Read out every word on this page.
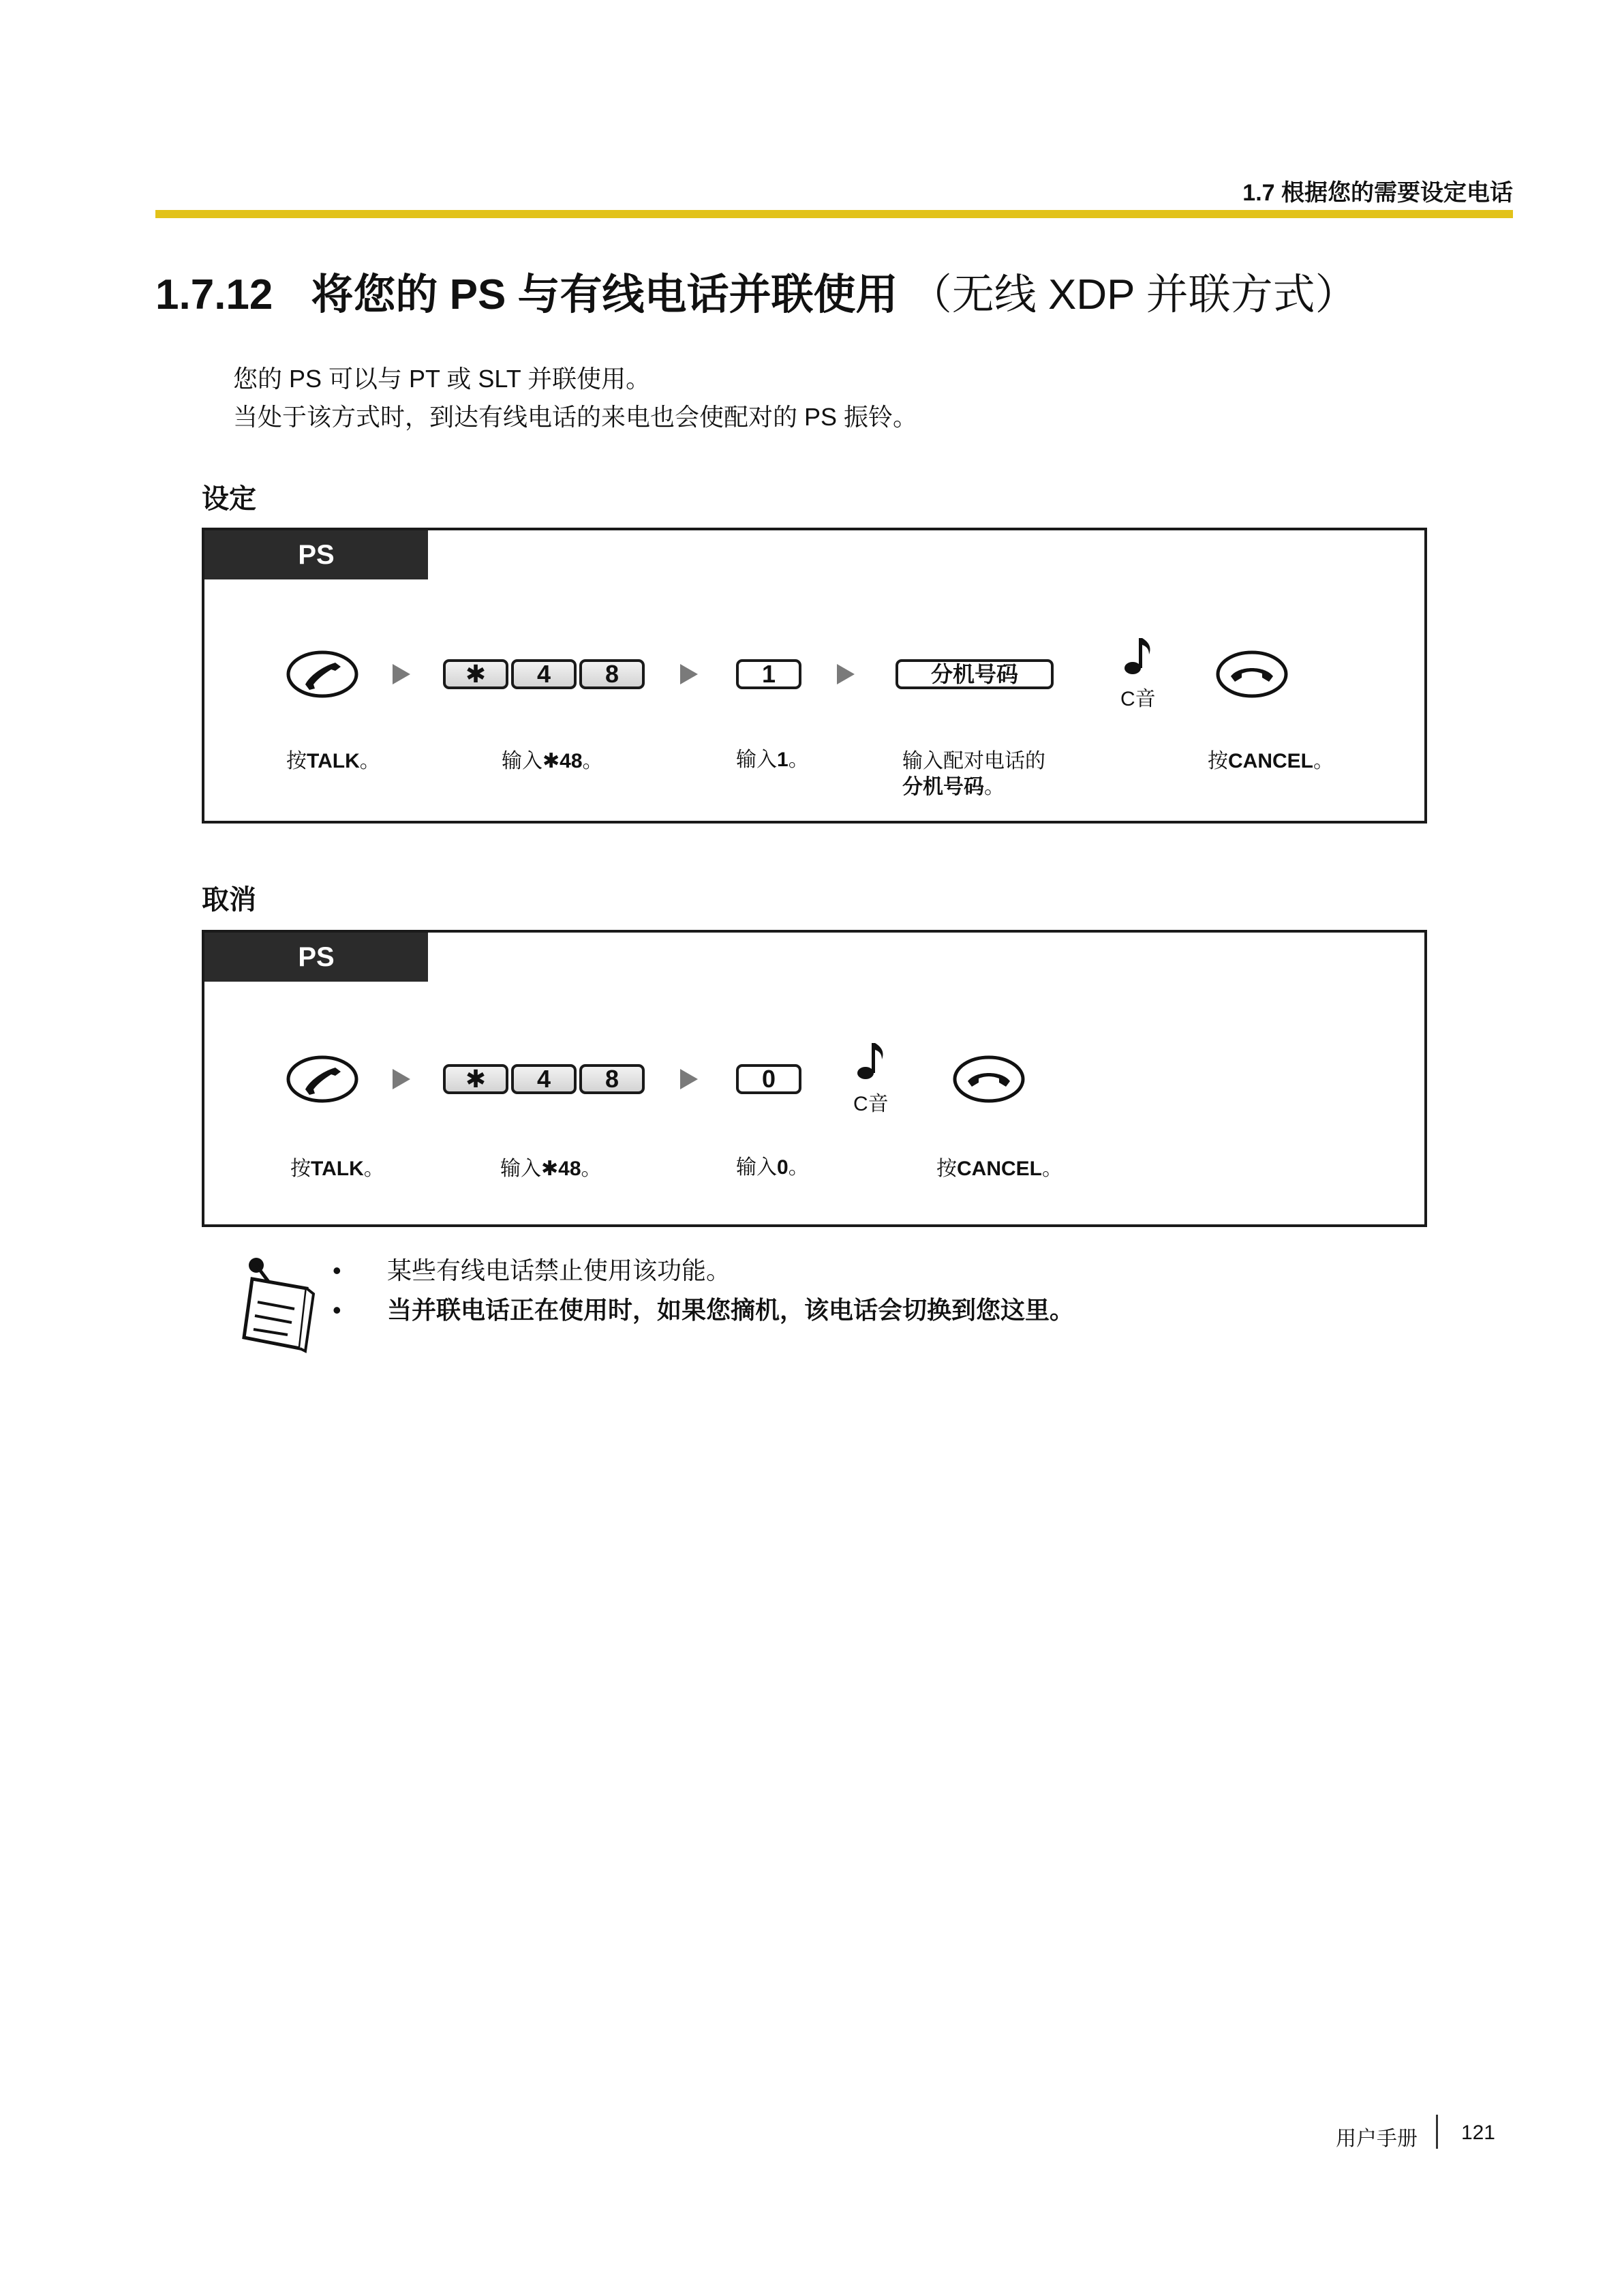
1.7 根据您的需要设定电话
1.7.12 将您的 PS 与有线电话并联使用 （无线 XDP 并联方式）
您的 PS 可以与 PT 或 SLT 并联使用。
当处于该方式时，到达有线电话的来电也会使配对的 PS 振铃。
设定
PS
✱	4	8	1	分机号码
C音
按TALK。	输入✱48。	输入1。	输入配对电话的
分机号码。
按CANCEL。
取消
PS
✱	4	8	0
C音
按TALK。	输入✱48。	输入0。	按CANCEL。
• 某些有线电话禁止使用该功能。
• 当并联电话正在使用时，如果您摘机，该电话会切换到您这里。
用户手册 121
